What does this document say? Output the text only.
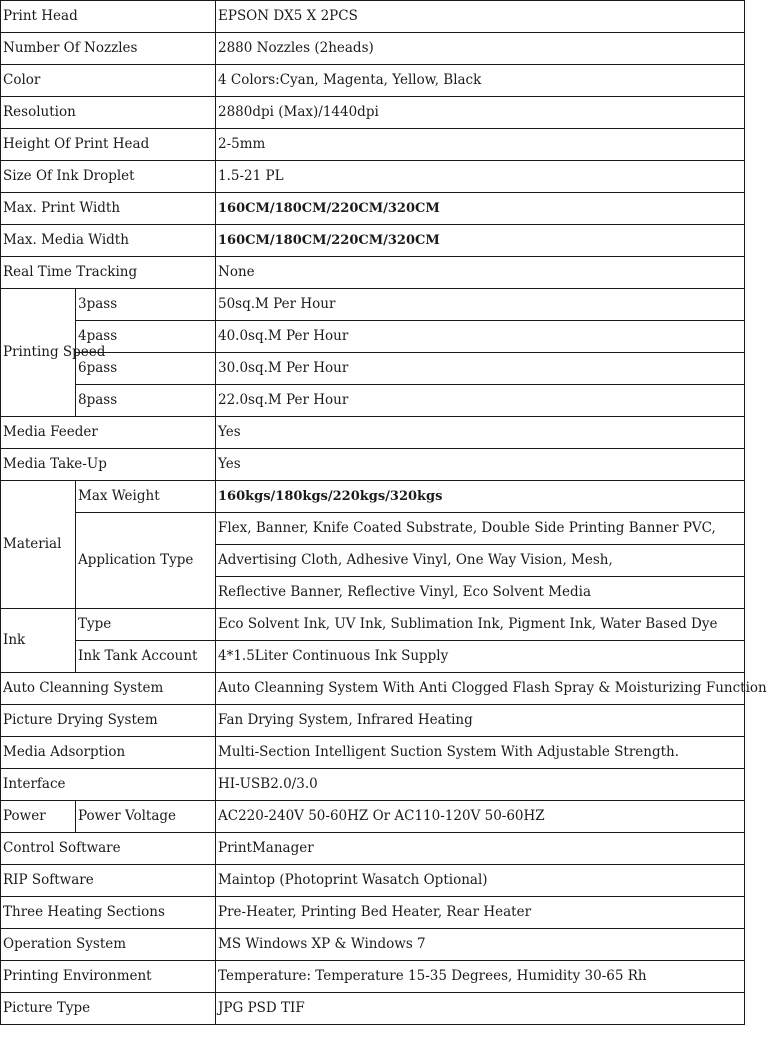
Print Head		EPSON DX5 X 2PCS
Number Of Nozzles		2880 Nozzles (2heads)
Color		4 Colors:Cyan, Magenta, Yellow, Black
Resolution		2880dpi (Max)/1440dpi
Height Of Print Head		2-5mm
Size Of Ink Droplet		1.5-21 PL
Max. Print Width		160CM/180CM/220CM/320CM
Max. Media Width		160CM/180CM/220CM/320CM
Real Time Tracking		None
Printing Speed	3pass	50sq.M Per Hour
	4pass	40.0sq.M Per Hour
	6pass	30.0sq.M Per Hour
	8pass	22.0sq.M Per Hour
Media Feeder		Yes
Media Take-Up		Yes
Material	Max Weight	160kgs/180kgs/220kgs/320kgs
	Application Type	Flex, Banner, Knife Coated Substrate, Double Side Printing Banner PVC,
		Advertising Cloth, Adhesive Vinyl, One Way Vision, Mesh,
		Reflective Banner, Reflective Vinyl, Eco Solvent Media
Ink	Type	Eco Solvent Ink, UV Ink, Sublimation Ink, Pigment Ink, Water Based Dye
	Ink Tank Account	4*1.5Liter Continuous Ink Supply
Auto Cleanning System		Auto Cleanning System With Anti Clogged Flash Spray & Moisturizing Function
Picture Drying System		Fan Drying System, Infrared Heating
Media Adsorption		Multi-Section Intelligent Suction System With Adjustable Strength.
Interface		HI-USB2.0/3.0
Power	Power Voltage	AC220-240V 50-60HZ Or AC110-120V 50-60HZ
Control Software		PrintManager
RIP Software		Maintop (Photoprint Wasatch Optional)
Three Heating Sections		Pre-Heater, Printing Bed Heater, Rear Heater
Operation System		MS Windows XP & Windows 7
Printing Environment		Temperature: Temperature 15-35 Degrees, Humidity 30-65 Rh
Picture Type		JPG PSD TIF
